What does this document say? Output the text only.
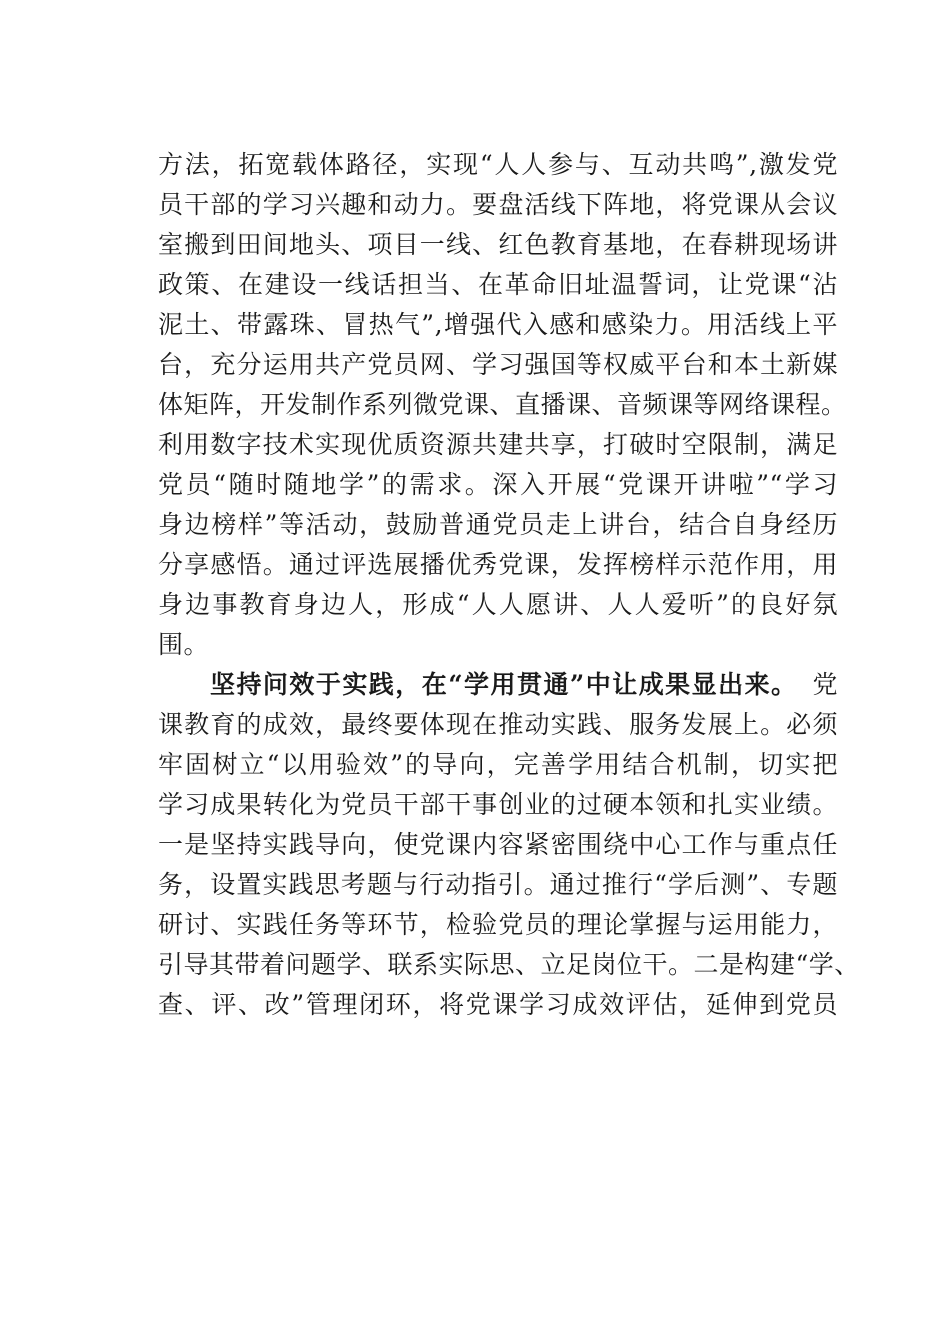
方法，拓宽载体路径，实现“人人参与、互动共鸣”,激发党
员干部的学习兴趣和动力。要盘活线下阵地，将党课从会议
室搬到田间地头、项目一线、红色教育基地，在春耕现场讲
政策、在建设一线话担当、在革命旧址温誓词，让党课“沾
泥土、带露珠、冒热气”,增强代入感和感染力。用活线上平
台，充分运用共产党员网、学习强国等权威平台和本土新媒
体矩阵，开发制作系列微党课、直播课、音频课等网络课程。
利用数字技术实现优质资源共建共享，打破时空限制，满足
党员“随时随地学”的需求。深入开展“党课开讲啦”“学习
身边榜样”等活动，鼓励普通党员走上讲台，结合自身经历
分享感悟。通过评选展播优秀党课，发挥榜样示范作用，用
身边事教育身边人，形成“人人愿讲、人人爱听”的良好氛
围。
坚持问效于实践，在“学用贯通”中让成果显出来。 党
课教育的成效，最终要体现在推动实践、服务发展上。必须
牢固树立“以用验效”的导向，完善学用结合机制，切实把
学习成果转化为党员干部干事创业的过硬本领和扎实业绩。
一是坚持实践导向，使党课内容紧密围绕中心工作与重点任
务，设置实践思考题与行动指引。通过推行“学后测”、专题
研讨、实践任务等环节，检验党员的理论掌握与运用能力，
引导其带着问题学、联系实际思、立足岗位干。二是构建“学、
查、评、改”管理闭环，将党课学习成效评估，延伸到党员
